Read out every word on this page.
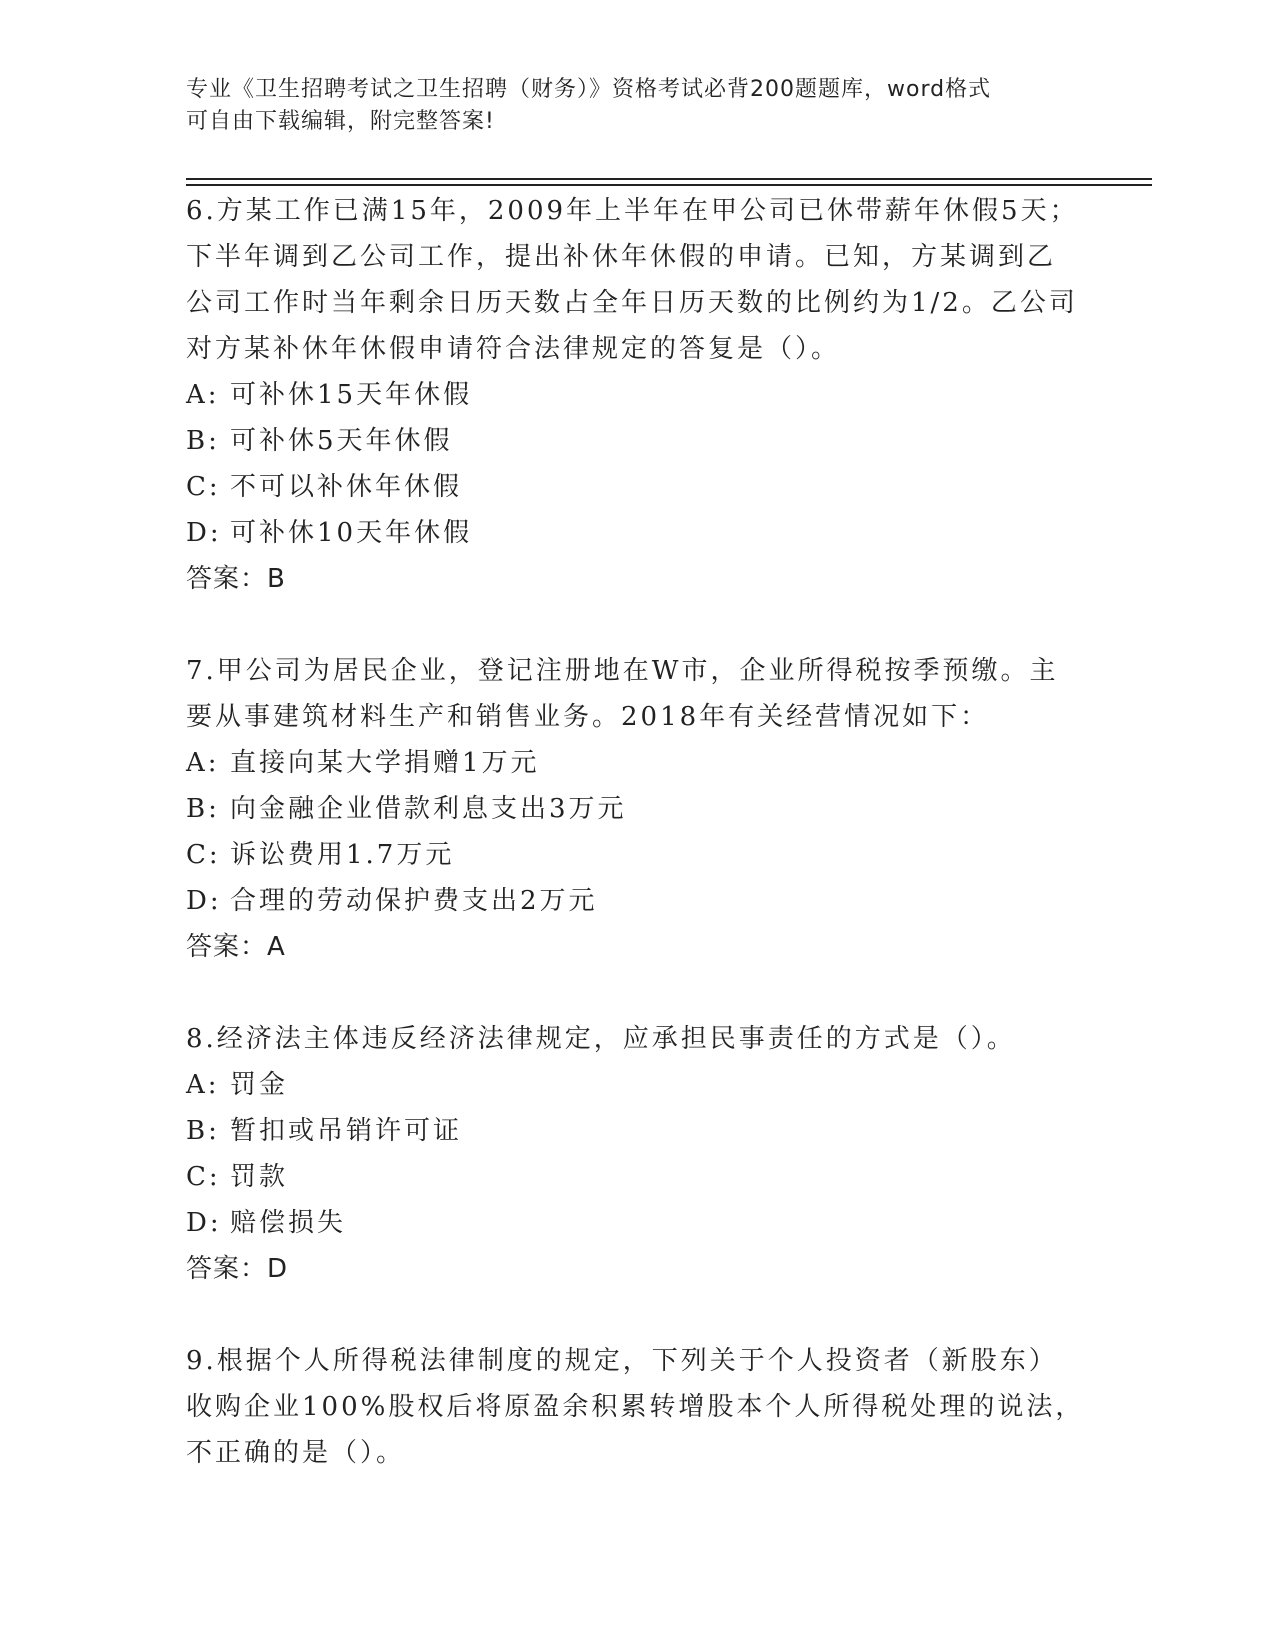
专业《卫生招聘考试之卫生招聘（财务）》资格考试必背200题题库，word格式
可自由下载编辑，附完整答案!
6.方某工作已满15年，2009年上半年在甲公司已休带薪年休假5天；
下半年调到乙公司工作，提出补休年休假的申请。已知，方某调到乙
公司工作时当年剩余日历天数占全年日历天数的比例约为1/2。乙公司
对方某补休年休假申请符合法律规定的答复是（）。
A: 可补休15天年休假
B: 可补休5天年休假
C: 不可以补休年休假
D: 可补休10天年休假
答案：B
7.甲公司为居民企业，登记注册地在W市，企业所得税按季预缴。主
要从事建筑材料生产和销售业务。2018年有关经营情况如下：
A: 直接向某大学捐赠1万元
B: 向金融企业借款利息支出3万元
C: 诉讼费用1.7万元
D: 合理的劳动保护费支出2万元
答案：A
8.经济法主体违反经济法律规定，应承担民事责任的方式是（）。
A: 罚金
B: 暂扣或吊销许可证
C: 罚款
D: 赔偿损失
答案：D
9.根据个人所得税法律制度的规定，下列关于个人投资者（新股东）
收购企业100%股权后将原盈余积累转增股本个人所得税处理的说法，
不正确的是（）。
